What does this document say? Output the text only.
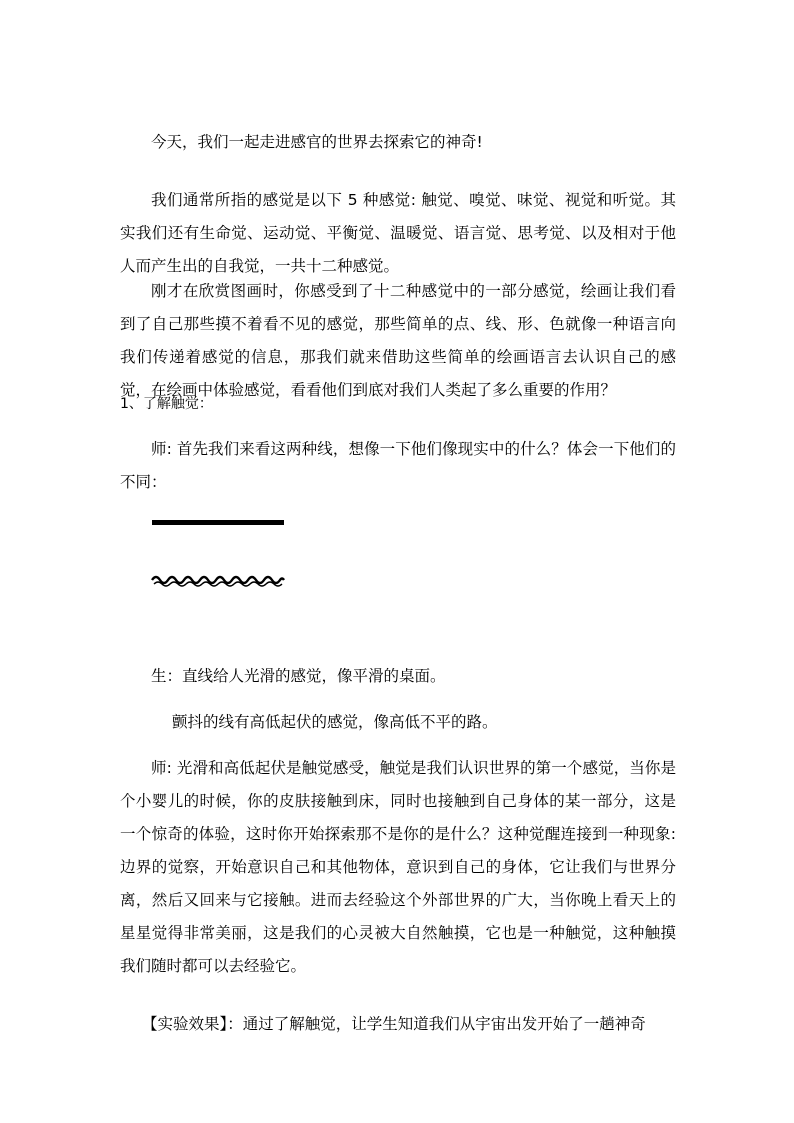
今天，我们一起走进感官的世界去探索它的神奇!

我们通常所指的感觉是以下 5 种感觉: 触觉、嗅觉、味觉、视觉和听觉。其实我们还有生命觉、运动觉、平衡觉、温暖觉、语言觉、思考觉、以及相对于他人而产生出的自我觉，一共十二种感觉。

刚才在欣赏图画时，你感受到了十二种感觉中的一部分感觉，绘画让我们看到了自己那些摸不着看不见的感觉，那些简单的点、线、形、色就像一种语言向我们传递着感觉的信息，那我们就来借助这些简单的绘画语言去认识自己的感觉，在绘画中体验感觉，看看他们到底对我们人类起了多么重要的作用？

1、了解触觉：

师: 首先我们来看这两种线，想像一下他们像现实中的什么？体会一下他们的不同：

生：直线给人光滑的感觉，像平滑的桌面。

颤抖的线有高低起伏的感觉，像高低不平的路。

师: 光滑和高低起伏是触觉感受，触觉是我们认识世界的第一个感觉，当你是个小婴儿的时候，你的皮肤接触到床，同时也接触到自己身体的某一部分，这是一个惊奇的体验，这时你开始探索那不是你的是什么？这种觉醒连接到一种现象: 边界的觉察，开始意识自己和其他物体，意识到自己的身体，它让我们与世界分离，然后又回来与它接触。进而去经验这个外部世界的广大，当你晚上看天上的星星觉得非常美丽，这是我们的心灵被大自然触摸，它也是一种触觉，这种触摸我们随时都可以去经验它。

【实验效果】：通过了解触觉，让学生知道我们从宇宙出发开始了一趟神奇
